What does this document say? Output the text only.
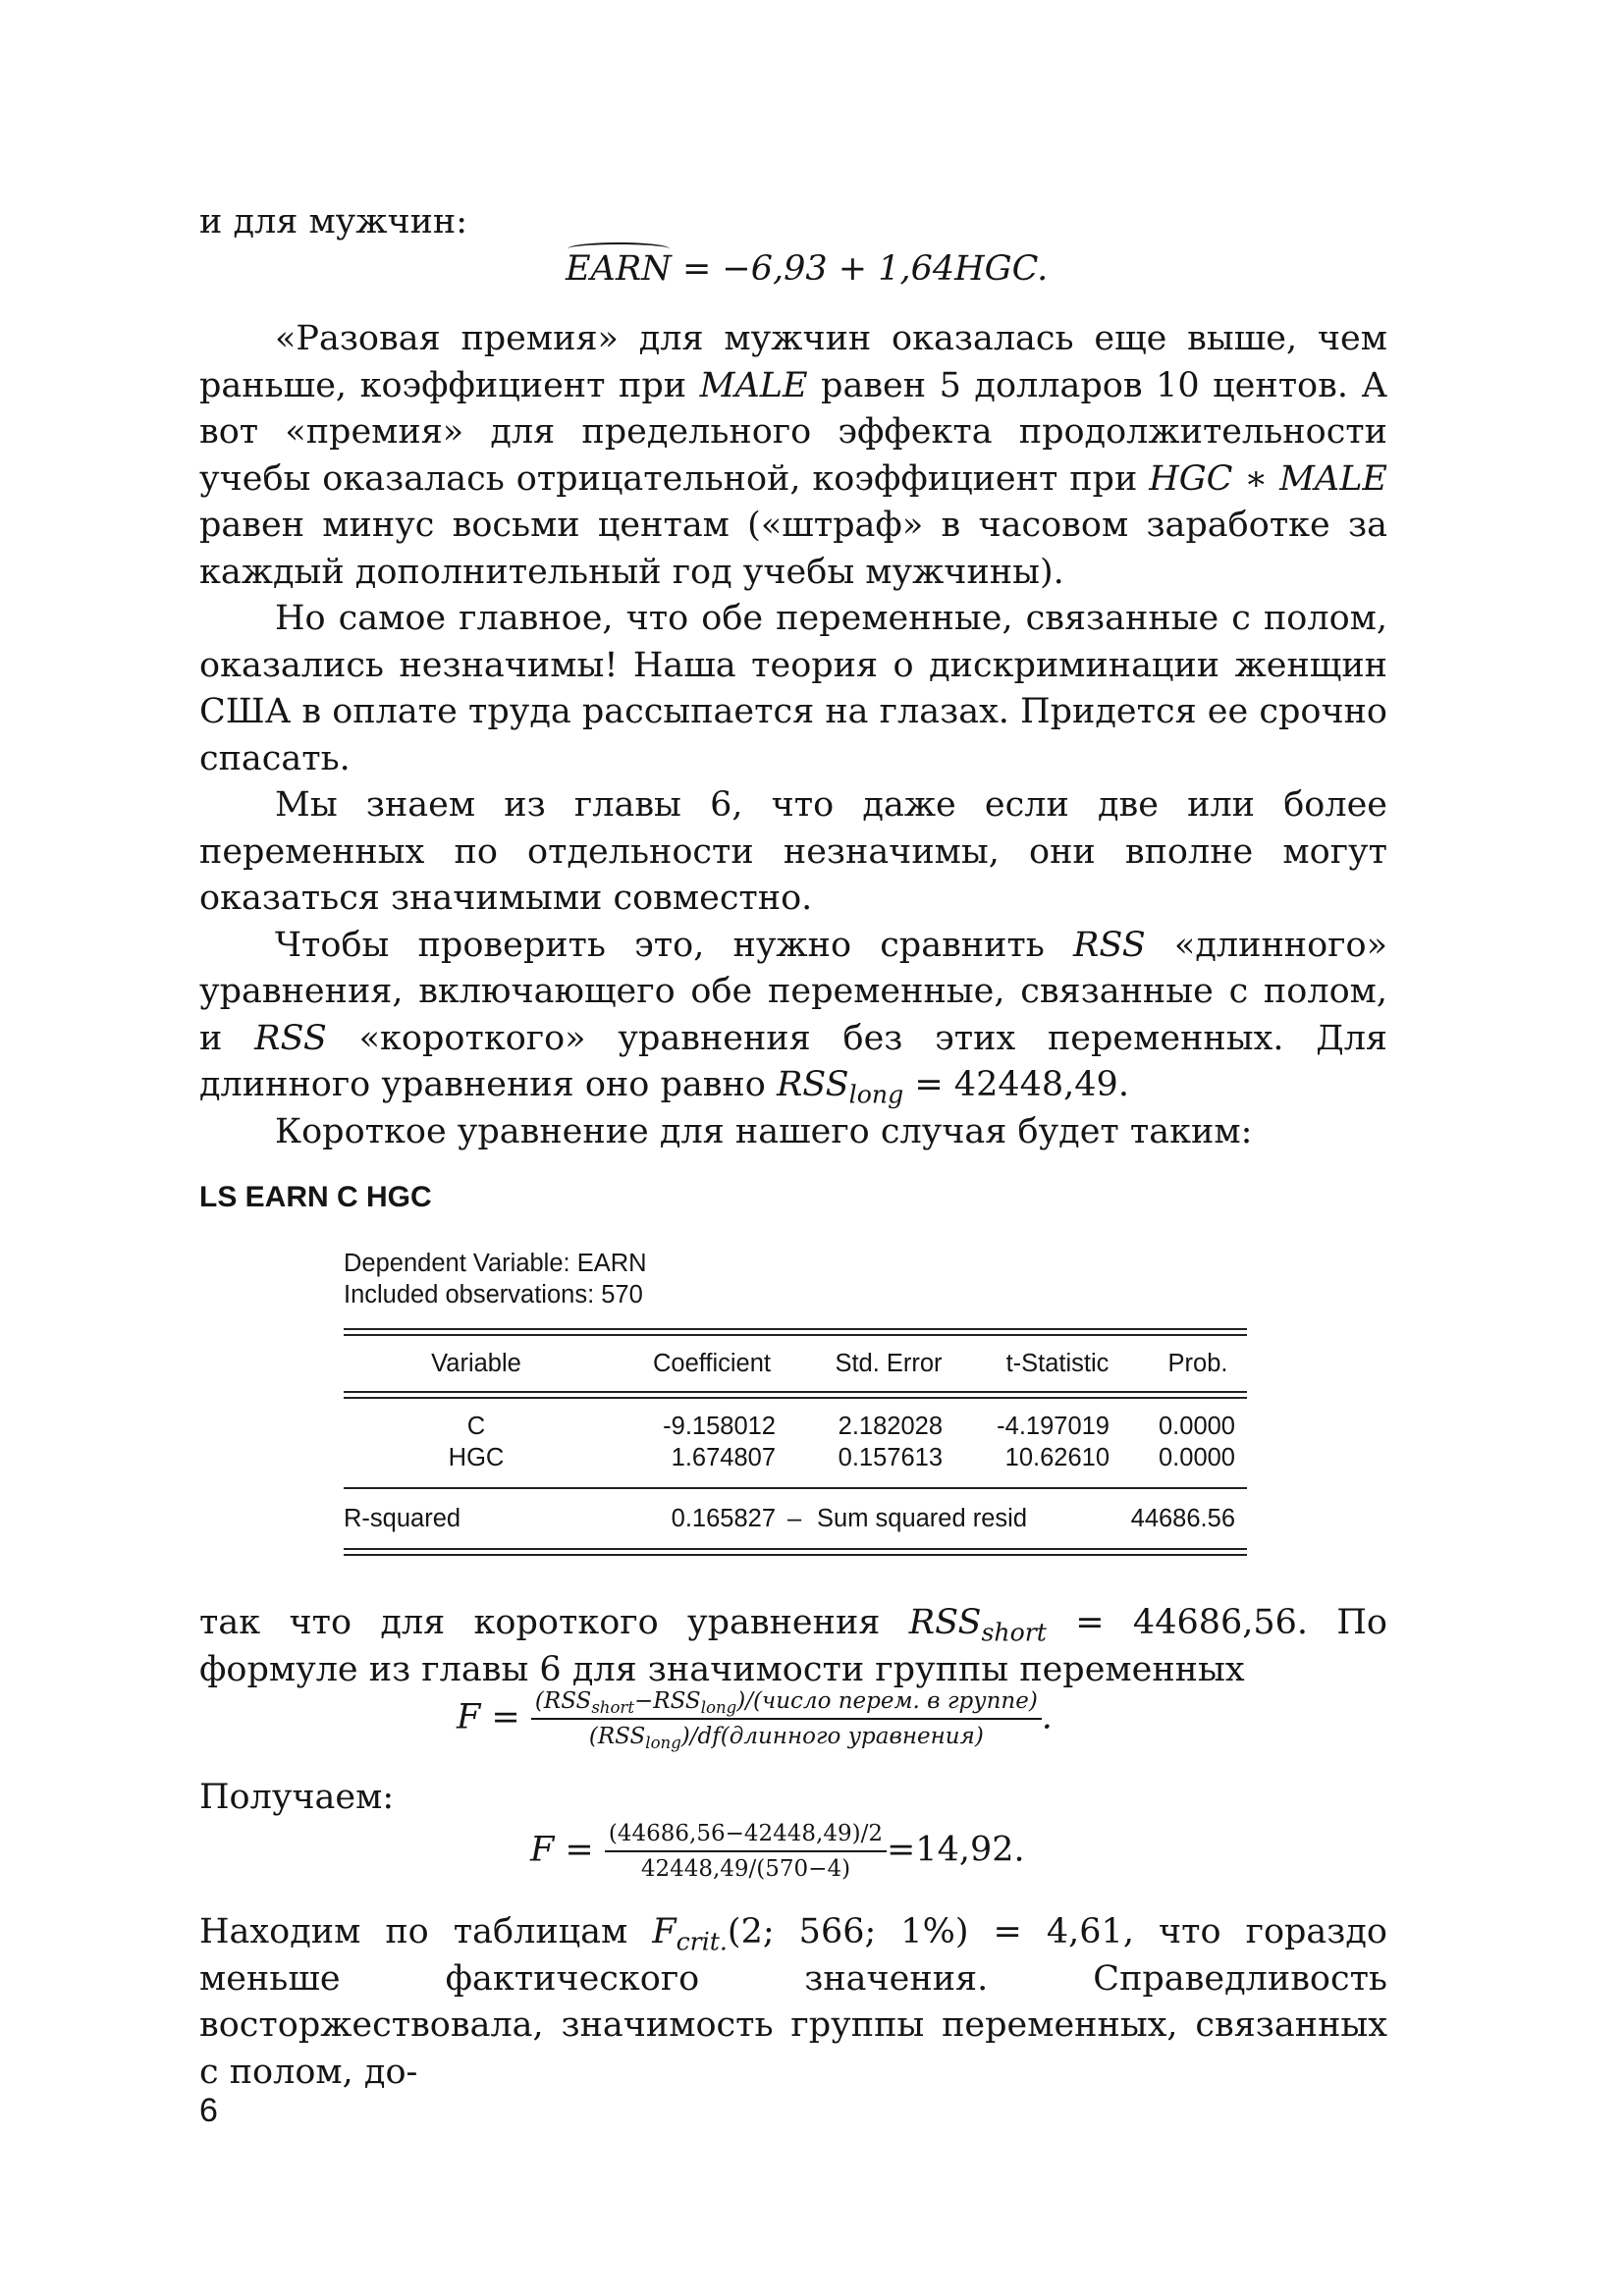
и для мужчин:

EARN = −6,93 + 1,64HGC.

«Разовая премия» для мужчин оказалась еще выше, чем раньше, коэффициент при MALE равен 5 долларов 10 центов. А вот «премия» для предельного эффекта продолжительности учебы оказалась отрицательной, коэффициент при HGC ∗ MALE равен минус восьми центам («штраф» в часовом заработке за каждый дополнительный год учебы мужчины).

Но самое главное, что обе переменные, связанные с полом, оказались незначимы! Наша теория о дискриминации женщин США в оплате труда рассыпается на глазах. Придется ее срочно спасать.

Мы знаем из главы 6, что даже если две или более переменных по отдельности незначимы, они вполне могут оказаться значимыми совместно.

Чтобы проверить это, нужно сравнить RSS «длинного» уравнения, включающего обе переменные, связанные с полом, и RSS «короткого» уравнения без этих переменных. Для длинного уравнения оно равно $RSS_{long} = 42448,49$.

Короткое уравнение для нашего случая будет таким:

LS EARN C HGC
Dependent Variable: EARN
Included observations: 570
Variable	Coefficient	Std. Error	t-Statistic	Prob.
C	-9.158012	2.182028	-4.197019	0.0000
HGC	1.674807	0.157613	10.62610	0.0000
R-squared	0.165827 – Sum squared resid	44686.56

так что для короткого уравнения $RSS_{short} = 44686,56$. По формуле из главы 6 для значимости группы переменных

$F = \frac{(RSS_{short}-RSS_{long})/(число перем. в группе)}{(RSS_{long})/df(длинного уравнения)}$ .

Получаем:

$F = \frac{(44686,56-42448,49)/2}{42448,49/(570-4)} =14,92$.

Находим по таблицам $F_{crit.}(2$; 566; 1%) = 4,61, что гораздо меньше фактического значения. Справедливость восторжествовала, значимость группы переменных, связанных с полом, до-

6
